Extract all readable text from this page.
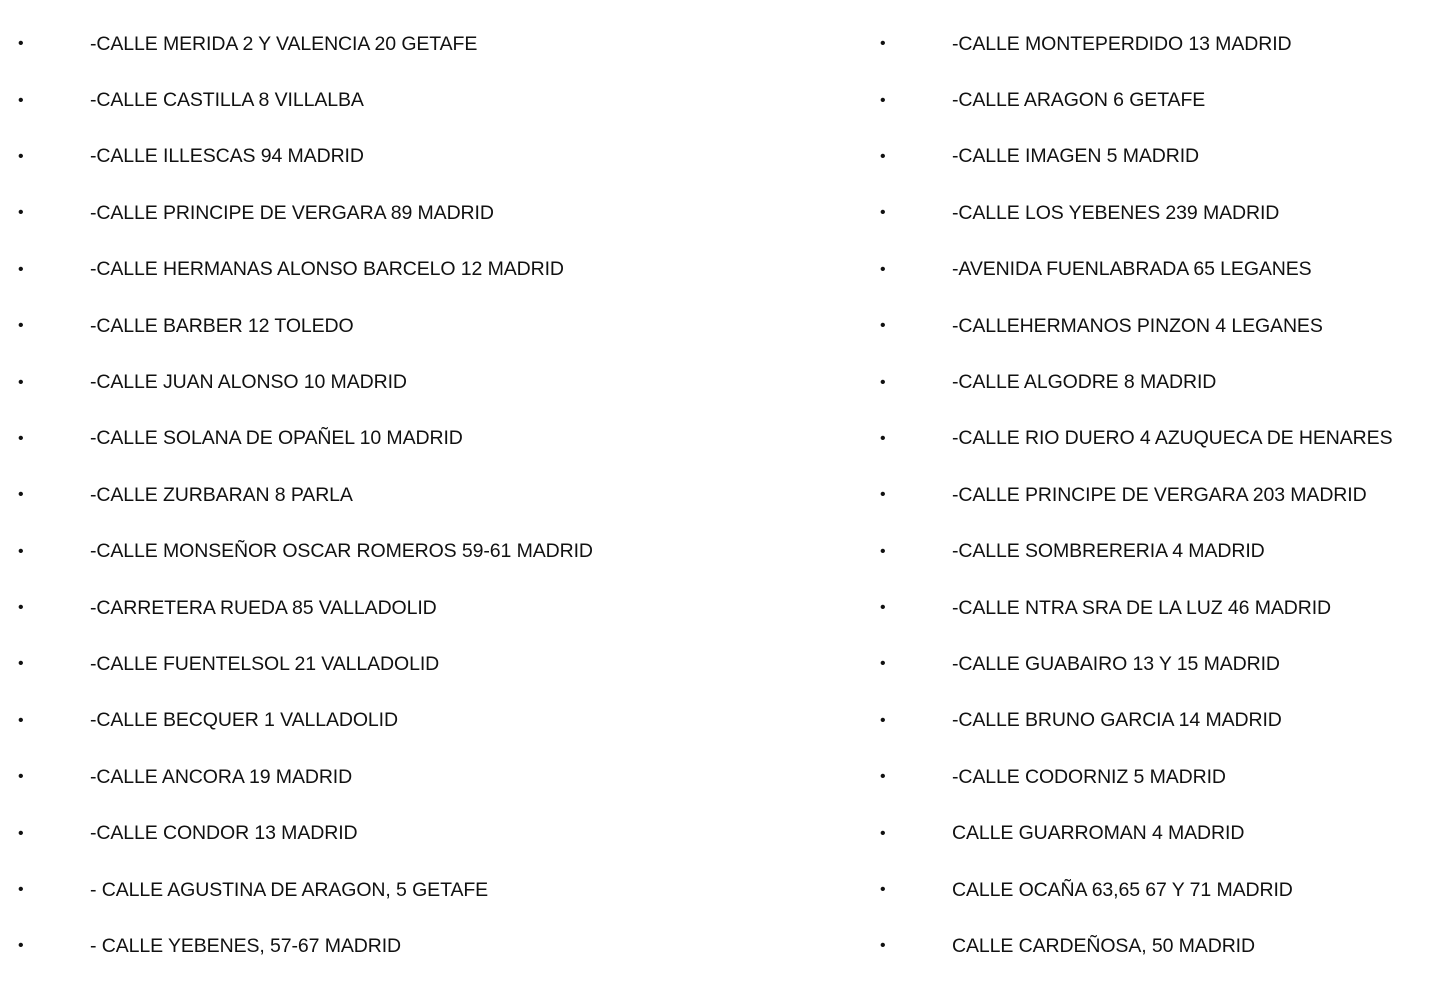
•	-CALLE MERIDA 2 Y VALENCIA 20 GETAFE
•	-CALLE CASTILLA 8 VILLALBA
•	-CALLE ILLESCAS 94 MADRID
•	-CALLE PRINCIPE DE VERGARA 89 MADRID
•	-CALLE HERMANAS ALONSO BARCELO 12 MADRID
•	-CALLE BARBER 12 TOLEDO
•	-CALLE JUAN ALONSO 10 MADRID
•	-CALLE SOLANA DE OPAÑEL 10 MADRID
•	-CALLE ZURBARAN 8 PARLA
•	-CALLE MONSEÑOR OSCAR ROMEROS 59-61 MADRID
•	-CARRETERA RUEDA 85 VALLADOLID
•	-CALLE FUENTELSOL 21 VALLADOLID
•	-CALLE BECQUER 1 VALLADOLID
•	-CALLE ANCORA 19 MADRID
•	-CALLE CONDOR 13 MADRID
•	- CALLE AGUSTINA DE ARAGON, 5 GETAFE
•	- CALLE YEBENES, 57-67 MADRID
•	-CALLE MONTEPERDIDO 13 MADRID
•	-CALLE ARAGON 6 GETAFE
•	-CALLE IMAGEN 5 MADRID
•	-CALLE LOS YEBENES 239 MADRID
•	-AVENIDA FUENLABRADA 65 LEGANES
•	-CALLEHERMANOS PINZON 4 LEGANES
•	-CALLE ALGODRE 8 MADRID
•	-CALLE RIO DUERO 4 AZUQUECA DE HENARES
•	-CALLE PRINCIPE DE VERGARA 203 MADRID
•	-CALLE SOMBRERERIA 4 MADRID
•	-CALLE NTRA SRA DE LA LUZ 46 MADRID
•	-CALLE GUABAIRO 13 Y 15 MADRID
•	-CALLE BRUNO GARCIA 14 MADRID
•	-CALLE CODORNIZ 5 MADRID
•	CALLE GUARROMAN 4 MADRID
•	CALLE OCAÑA 63,65 67 Y 71 MADRID
•	CALLE CARDEÑOSA, 50 MADRID
